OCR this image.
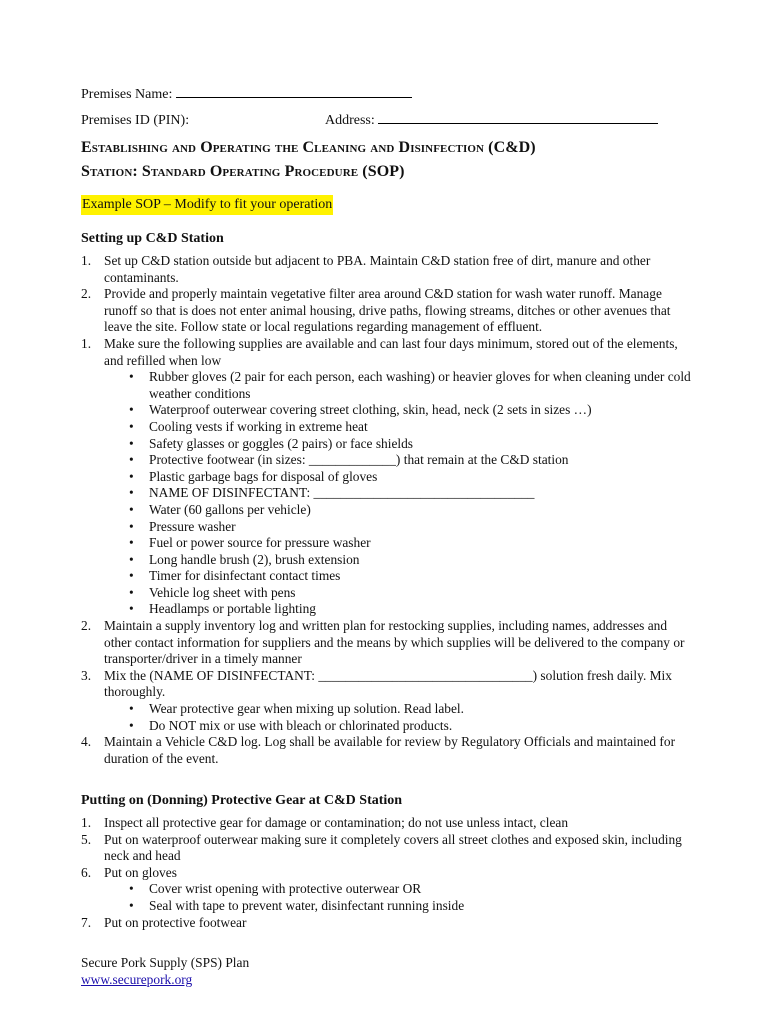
Premises Name:
Premises ID (PIN):	Address:
Establishing and Operating the Cleaning and Disinfection (C&D)
Station: Standard Operating Procedure (SOP)
Example SOP – Modify to fit your operation
Setting up C&D Station
1. Set up C&D station outside but adjacent to PBA. Maintain C&D station free of dirt, manure and other contaminants.
2. Provide and properly maintain vegetative filter area around C&D station for wash water runoff. Manage runoff so that is does not enter animal housing, drive paths, flowing streams, ditches or other avenues that leave the site. Follow state or local regulations regarding management of effluent.
1. Make sure the following supplies are available and can last four days minimum, stored out of the elements, and refilled when low
• Rubber gloves (2 pair for each person, each washing) or heavier gloves for when cleaning under cold weather conditions
• Waterproof outerwear covering street clothing, skin, head, neck (2 sets in sizes …)
• Cooling vests if working in extreme heat
• Safety glasses or goggles (2 pairs) or face shields
• Protective footwear (in sizes: _____________) that remain at the C&D station
• Plastic garbage bags for disposal of gloves
• NAME OF DISINFECTANT: _________________________________
• Water (60 gallons per vehicle)
• Pressure washer
• Fuel or power source for pressure washer
• Long handle brush (2), brush extension
• Timer for disinfectant contact times
• Vehicle log sheet with pens
• Headlamps or portable lighting
2. Maintain a supply inventory log and written plan for restocking supplies, including names, addresses and other contact information for suppliers and the means by which supplies will be delivered to the company or transporter/driver in a timely manner
3. Mix the (NAME OF DISINFECTANT: ________________________________) solution fresh daily. Mix thoroughly.
• Wear protective gear when mixing up solution. Read label.
• Do NOT mix or use with bleach or chlorinated products.
4. Maintain a Vehicle C&D log. Log shall be available for review by Regulatory Officials and maintained for duration of the event.
Putting on (Donning) Protective Gear at C&D Station
1. Inspect all protective gear for damage or contamination; do not use unless intact, clean
5. Put on waterproof outerwear making sure it completely covers all street clothes and exposed skin, including neck and head
6. Put on gloves
• Cover wrist opening with protective outerwear OR
• Seal with tape to prevent water, disinfectant running inside
7. Put on protective footwear
Secure Pork Supply (SPS) Plan
www.securepork.org
